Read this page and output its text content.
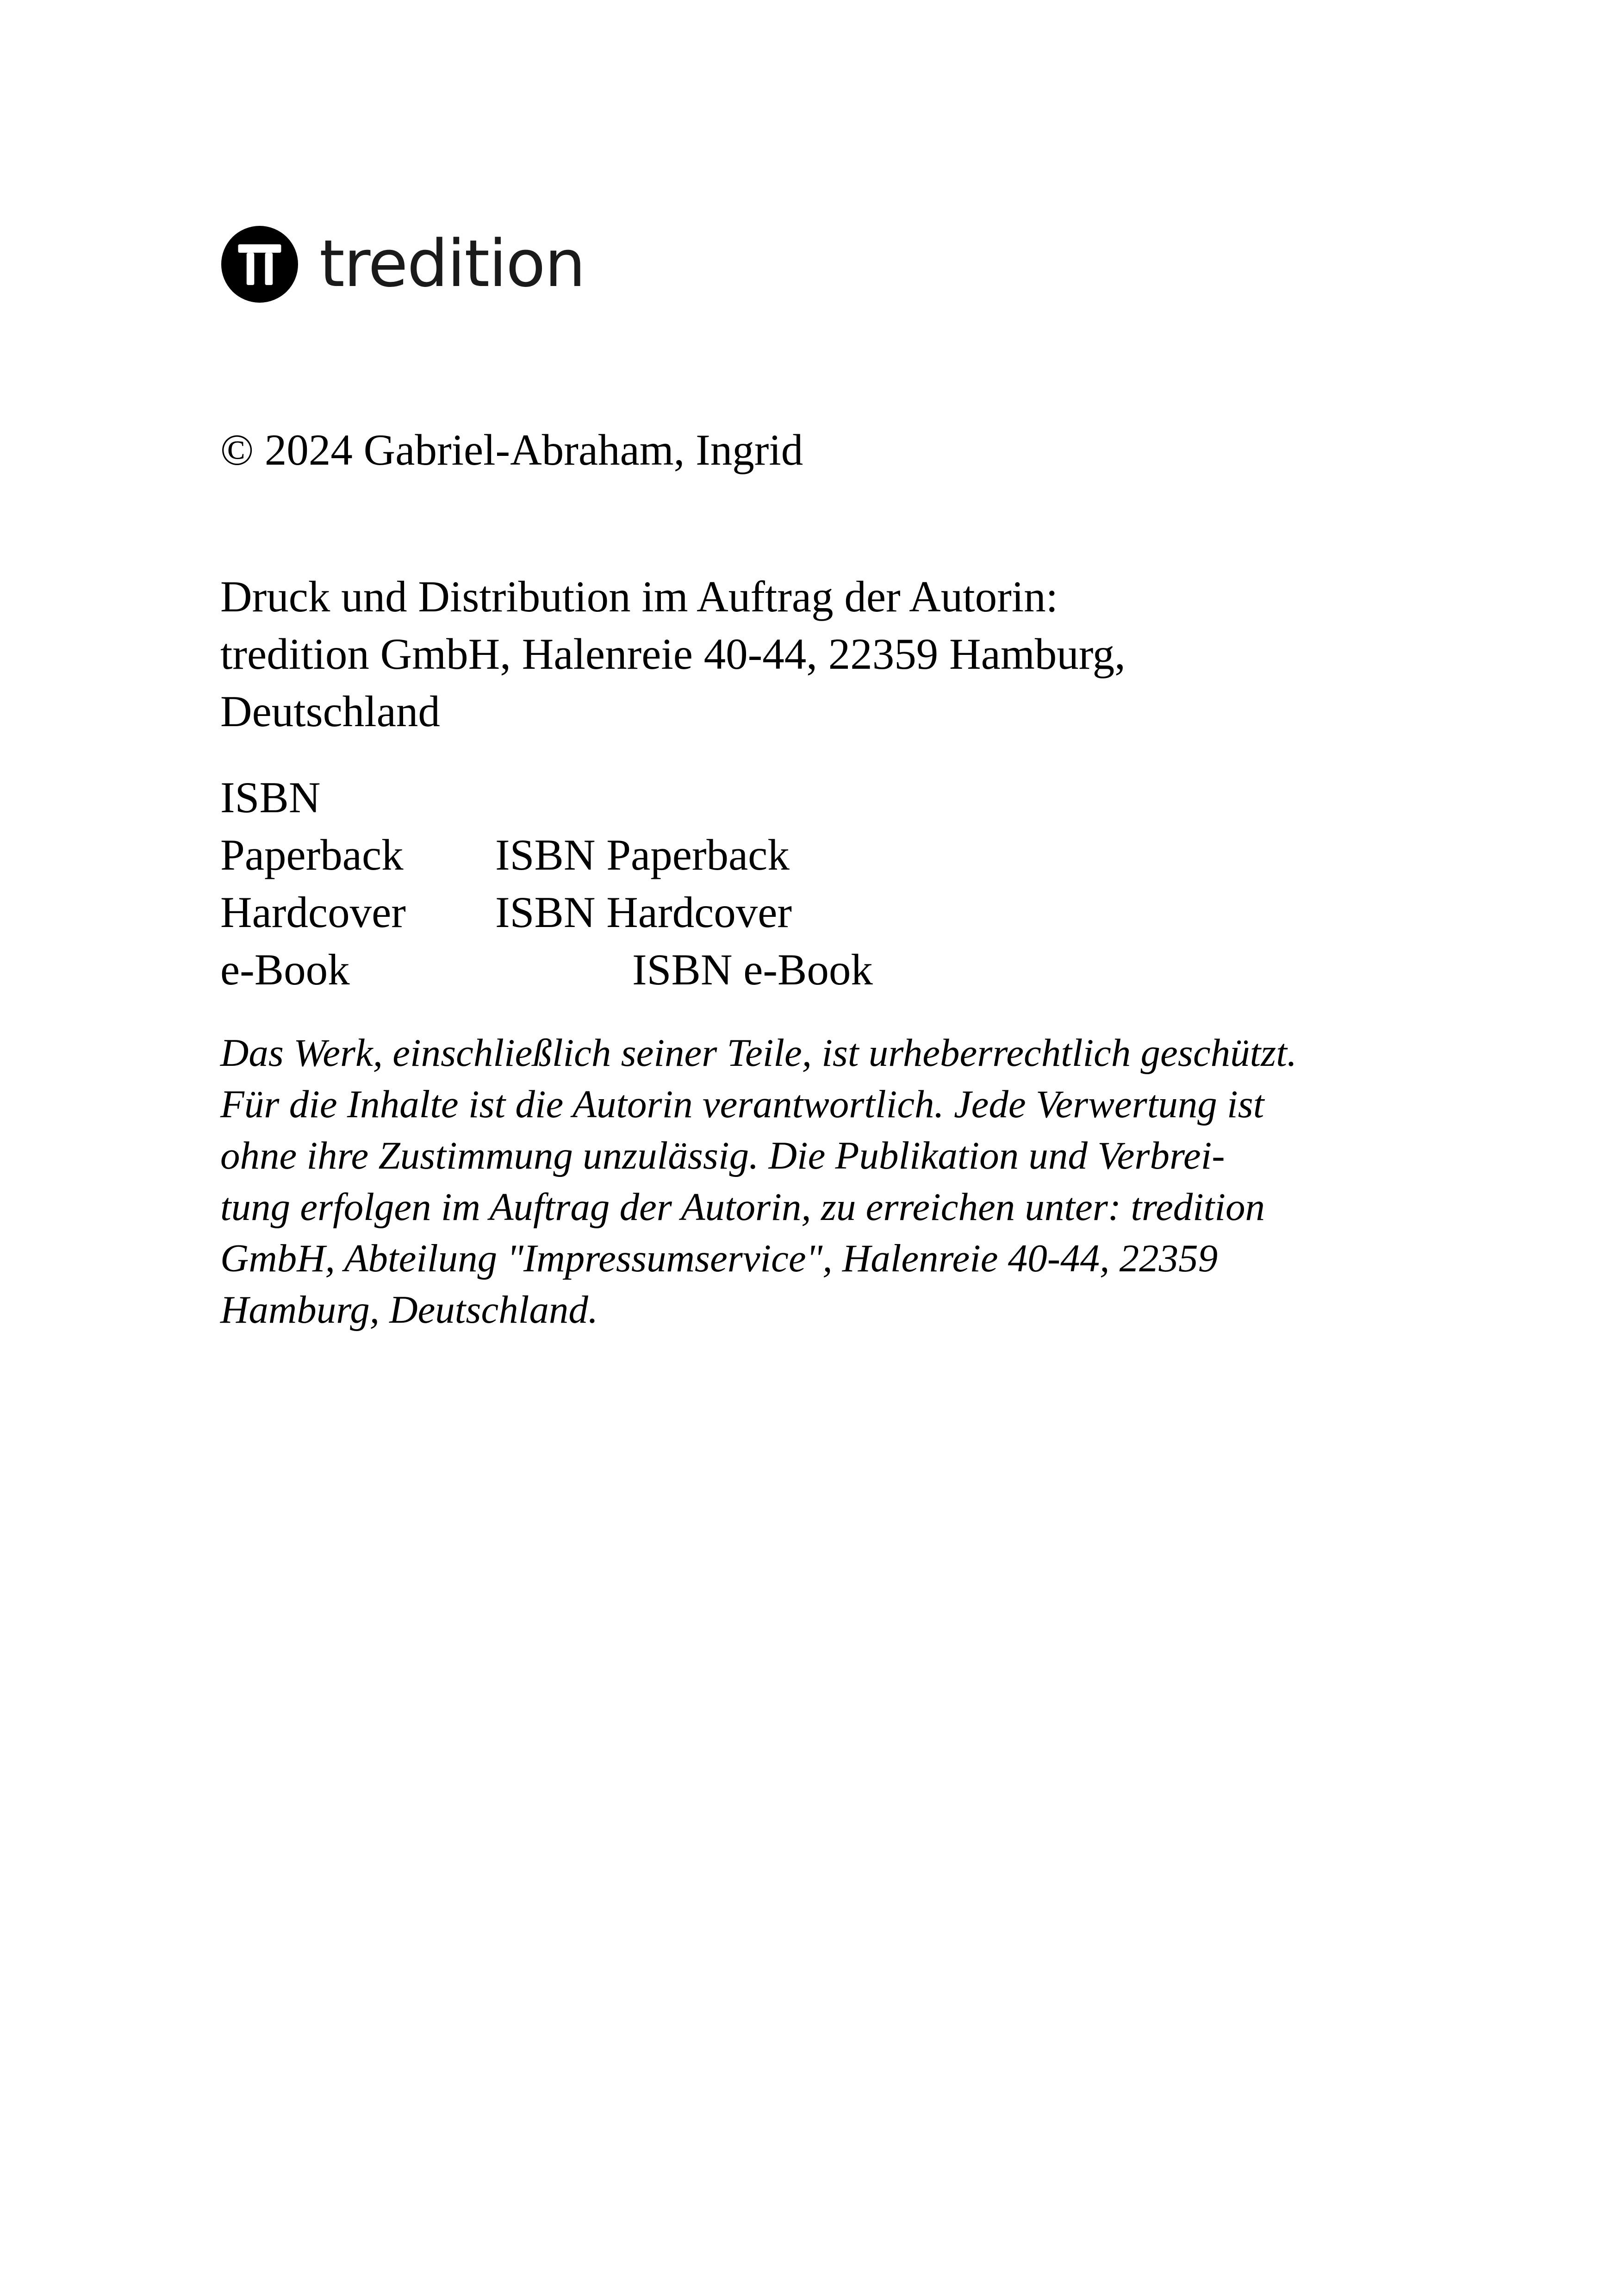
tredition
© 2024 Gabriel-Abraham, Ingrid
Druck und Distribution im Auftrag der Autorin:
tredition GmbH, Halenreie 40-44, 22359 Hamburg,
Deutschland
ISBN
Paperback ISBN Paperback
Hardcover ISBN Hardcover
e-Book	ISBN e-Book
Das Werk, einschließlich seiner Teile, ist urheberrechtlich geschützt.
Für die Inhalte ist die Autorin verantwortlich. Jede Verwertung ist
ohne ihre Zustimmung unzulässig. Die Publikation und Verbrei-
tung erfolgen im Auftrag der Autorin, zu erreichen unter: tredition
GmbH, Abteilung "Impressumservice", Halenreie 40-44, 22359
Hamburg, Deutschland.
